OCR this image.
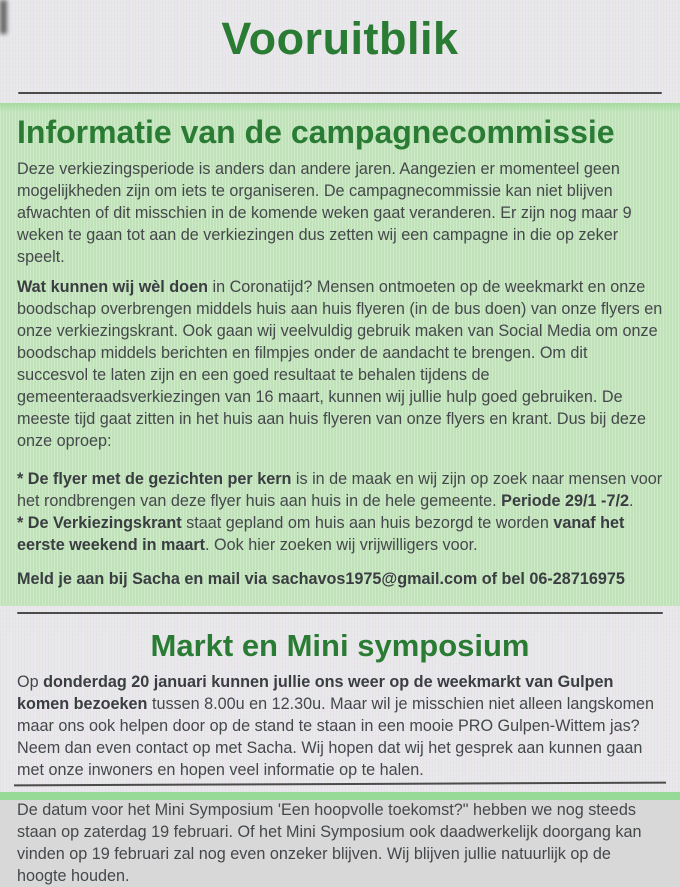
Vooruitblik
Informatie van de campagnecommissie

Deze verkiezingsperiode is anders dan andere jaren. Aangezien er momenteel geen mogelijkheden zijn om iets te organiseren. De campagnecommissie kan niet blijven afwachten of dit misschien in de komende weken gaat veranderen. Er zijn nog maar 9 weken te gaan tot aan de verkiezingen dus zetten wij een campagne in die op zeker speelt.

Wat kunnen wij wèl doen in Coronatijd? Mensen ontmoeten op de weekmarkt en onze boodschap overbrengen middels huis aan huis flyeren (in de bus doen) van onze flyers en onze verkiezingskrant. Ook gaan wij veelvuldig gebruik maken van Social Media om onze boodschap middels berichten en filmpjes onder de aandacht te brengen. Om dit succesvol te laten zijn en een goed resultaat te behalen tijdens de gemeenteraadsverkiezingen van 16 maart, kunnen wij jullie hulp goed gebruiken. De meeste tijd gaat zitten in het huis aan huis flyeren van onze flyers en krant. Dus bij deze onze oproep:

* De flyer met de gezichten per kern is in de maak en wij zijn op zoek naar mensen voor het rondbrengen van deze flyer huis aan huis in de hele gemeente. Periode 29/1 -7/2.

* De Verkiezingskrant staat gepland om huis aan huis bezorgd te worden vanaf het eerste weekend in maart. Ook hier zoeken wij vrijwilligers voor.

Meld je aan bij Sacha en mail via sachavos1975@gmail.com of bel 06-28716975

Markt en Mini symposium

Op donderdag 20 januari kunnen jullie ons weer op de weekmarkt van Gulpen komen bezoeken tussen 8.00u en 12.30u. Maar wil je misschien niet alleen langskomen maar ons ook helpen door op de stand te staan in een mooie PRO Gulpen-Wittem jas? Neem dan even contact op met Sacha. Wij hopen dat wij het gesprek aan kunnen gaan met onze inwoners en hopen veel informatie op te halen.

De datum voor het Mini Symposium 'Een hoopvolle toekomst?" hebben we nog steeds staan op zaterdag 19 februari. Of het Mini Symposium ook daadwerkelijk doorgang kan vinden op 19 februari zal nog even onzeker blijven. Wij blijven jullie natuurlijk op de hoogte houden.
